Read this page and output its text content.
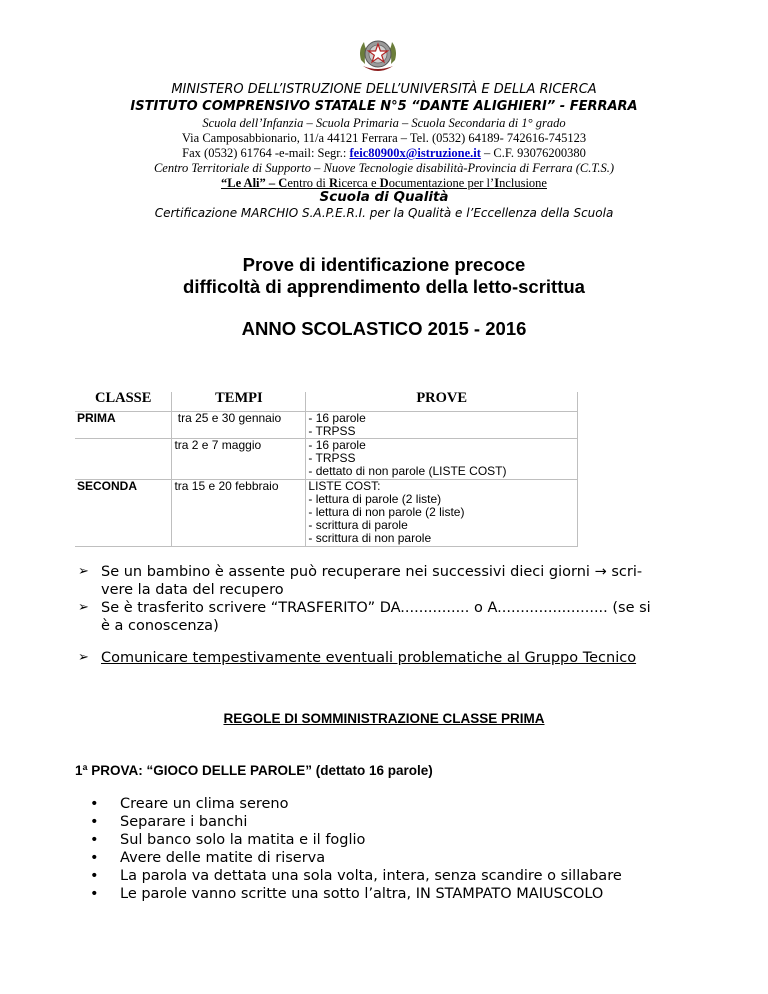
MINISTERO DELL’ISTRUZIONE DELL’UNIVERSITÀ E DELLA RICERCA
ISTITUTO COMPRENSIVO STATALE N°5 “DANTE ALIGHIERI” - FERRARA
Scuola dell’Infanzia – Scuola Primaria – Scuola Secondaria di 1° grado
Via Camposabbionario, 11/a 44121 Ferrara – Tel. (0532) 64189- 742616-745123
Fax (0532) 61764 -e-mail: Segr.: feic80900x@istruzione.it – C.F. 93076200380
Centro Territoriale di Supporto – Nuove Tecnologie disabilità-Provincia di Ferrara (C.T.S.)
“Le Ali” – Centro di Ricerca e Documentazione per l’Inclusione
Scuola di Qualità
Certificazione MARCHIO S.A.P.E.R.I. per la Qualità e l’Eccellenza della Scuola
Prove di identificazione precoce
difficoltà di apprendimento della letto-scrittua
ANNO SCOLASTICO 2015 - 2016
CLASSE	TEMPI	PROVE
PRIMA	tra 25 e 30 gennaio	- 16 parole
- TRPSS

	tra 2 e 7 maggio	- 16 parole
- TRPSS
- dettato di non parole (LISTE COST)

SECONDA	tra 15 e 20 febbraio	LISTE COST:
- lettura di parole (2 liste)
- lettura di non parole (2 liste)
- scrittura di parole
- scrittura di non parole
➢ Se un bambino è assente può recuperare nei successivi dieci giorni → scri-
vere la data del recupero
➢ Se è trasferito scrivere “TRASFERITO” DA............... o A........................ (se si
è a conoscenza)
➢ Comunicare tempestivamente eventuali problematiche al Gruppo Tecnico
REGOLE DI SOMMINISTRAZIONE CLASSE PRIMA
1ª PROVA: “GIOCO DELLE PAROLE” (dettato 16 parole)
• Creare un clima sereno
• Separare i banchi
• Sul banco solo la matita e il foglio
• Avere delle matite di riserva
• La parola va dettata una sola volta, intera, senza scandire o sillabare
• Le parole vanno scritte una sotto l’altra, IN STAMPATO MAIUSCOLO
